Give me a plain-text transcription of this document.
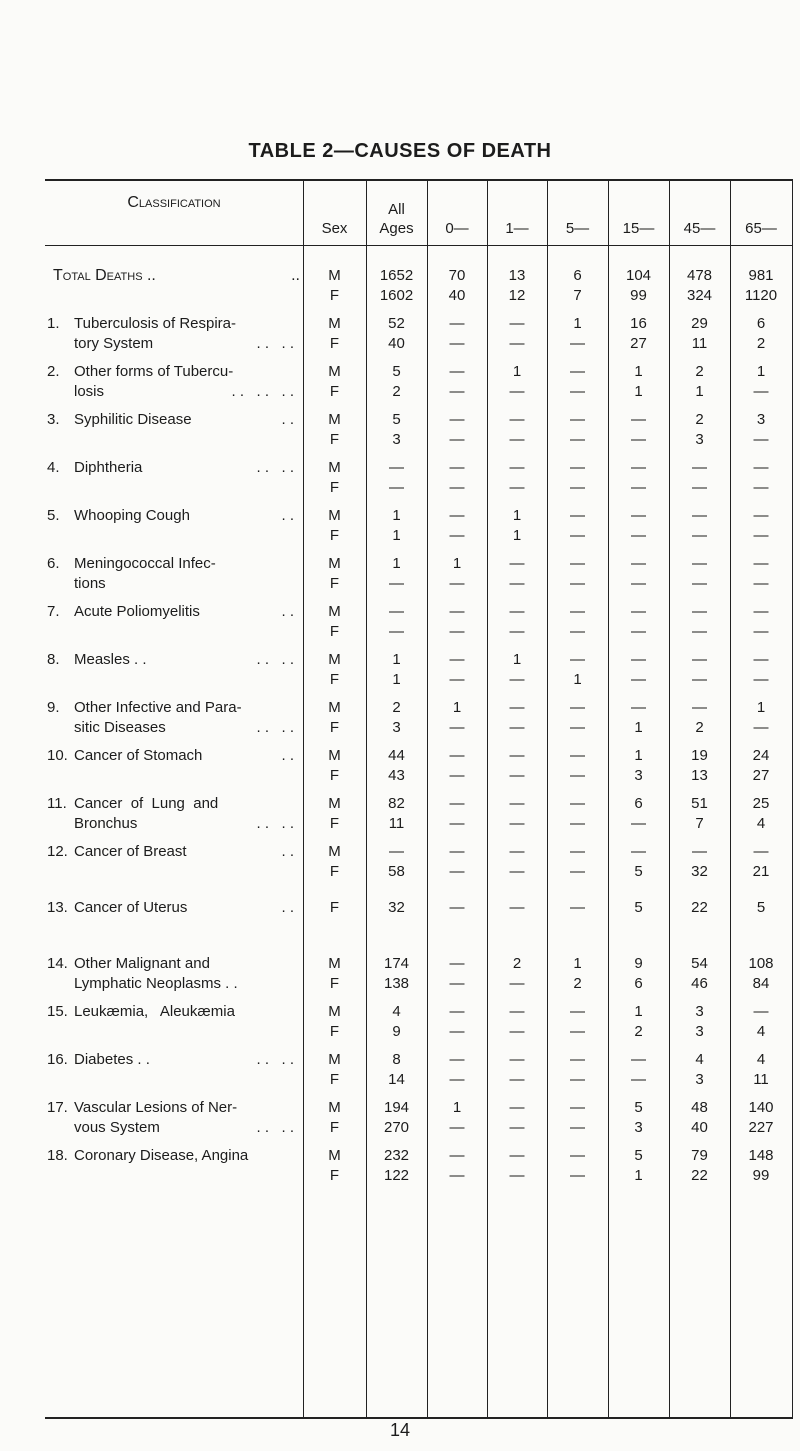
TABLE 2—CAUSES OF DEATH
Classification
Sex
All
Ages	0—	1—	5—	15—	45—	65—
Total Deaths ..	..	M	1652	70	13	6	104	478	981
F	1602	40	12	7	99	324	1120
1. Tuberculosis of Respira-
. .   . .
tory System
M	52	—	—	1	16	29	6
F	40	—	—	—	27	11	2
2. Other forms of Tubercu-
. .   . .   . .
losis
M	5	—	1	—	1	2	1
F	2	—	—	—	1	1	—
3. Syphilitic Disease	. .	M	5	—	—	—	—	2	3
F	3	—	—	—	—	3	—
4. Diphtheria	. .   . .	M	—	—	—	—	—	—	—
F	—	—	—	—	—	—	—
5. Whooping Cough	. .	M	1	—	1	—	—	—	—
F	1	—	1	—	—	—	—
6. Meningococcal Infec-
tions
M	1	1	—	—	—	—	—
F	—	—	—	—	—	—	—
7. Acute Poliomyelitis	. .	M	—	—	—	—	—	—	—
F	—	—	—	—	—	—	—
8. Measles . .	. .   . .	M	1	—	1	—	—	—	—
F	1	—	—	1	—	—	—
9. Other Infective and Para-
. .   . .
sitic Diseases
M	2	1	—	—	—	—	1
F	3	—	—	—	1	2	—
10. Cancer of Stomach	. .	M	44	—	—	—	1	19	24
F	43	—	—	—	3	13	27
11. Cancer  of  Lung  and
. .   . .
Bronchus
M	82	—	—	—	6	51	25
F	11	—	—	—	—	7	4
12. Cancer of Breast	. .	M	—	—	—	—	—	—	—
F	58	—	—	—	5	32	21
13. Cancer of Uterus	. .	F	32	—	—	—	5	22	5
14. Other Malignant and
Lymphatic Neoplasms . .
M	174	—	2	1	9	54	108
F	138	—	—	2	6	46	84
15. Leukæmia,   Aleukæmia	M	4	—	—	—	1	3	—
F	9	—	—	—	2	3	4
16. Diabetes . .	. .   . .	M	8	—	—	—	—	4	4
F	14	—	—	—	—	3	11
17. Vascular Lesions of Ner-
. .   . .
vous System
M	194	1	—	—	5	48	140
F	270	—	—	—	3	40	227
18. Coronary Disease, Angina	M	232	—	—	—	5	79	148
F	122	—	—	—	1	22	99
14
